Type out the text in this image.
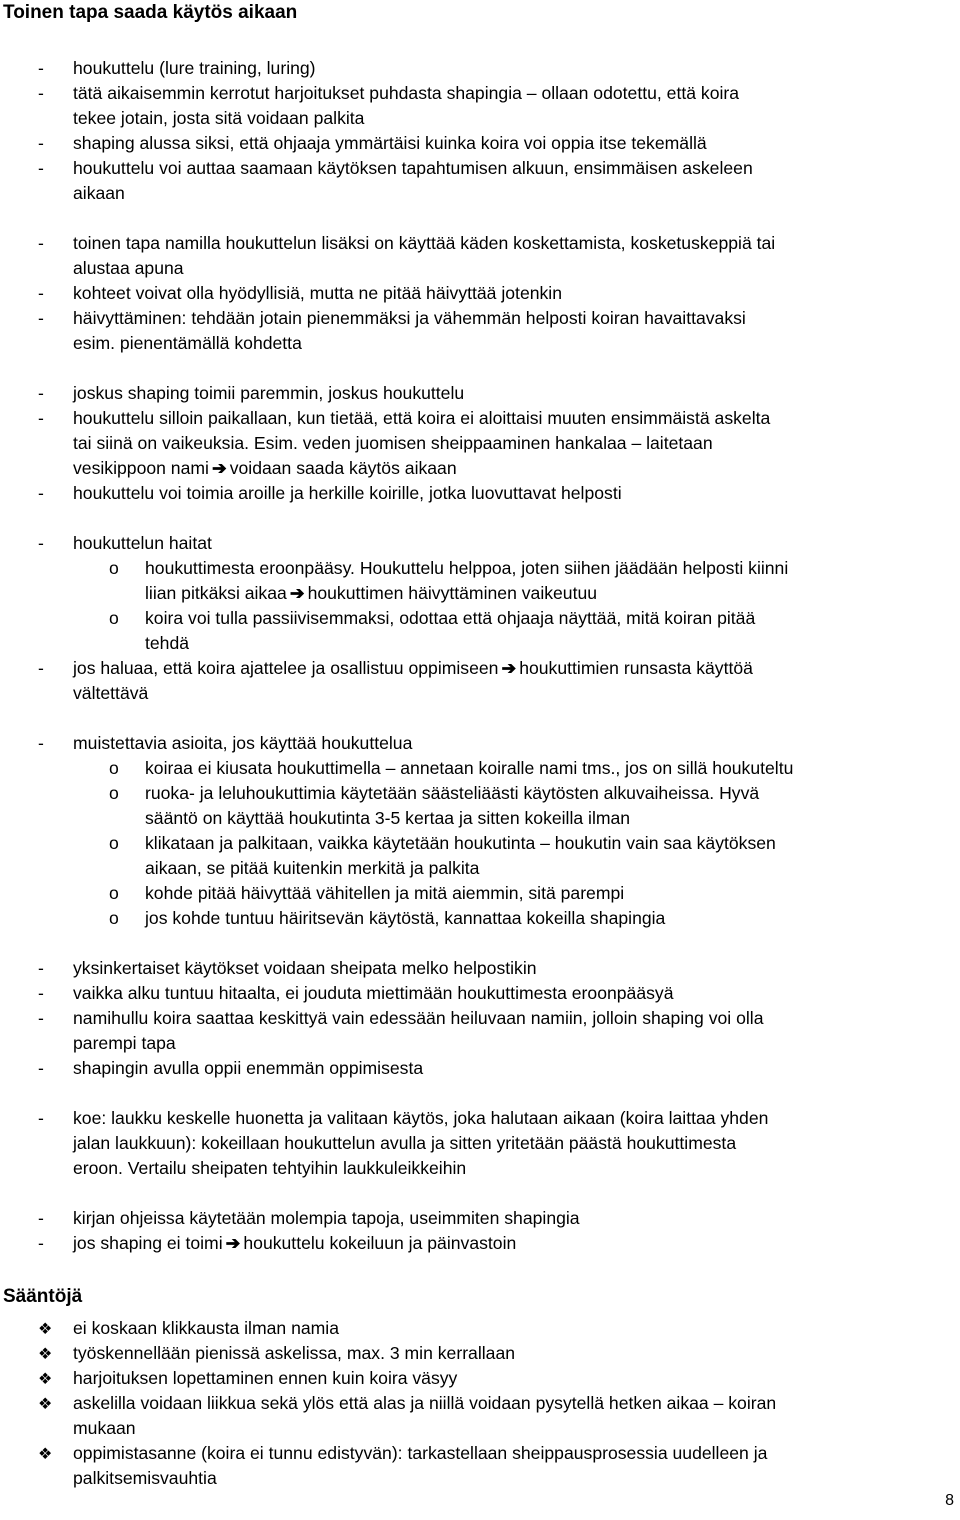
Toinen tapa saada käytös aikaan
- houkuttelu (lure training, luring)
- tätä aikaisemmin kerrotut harjoitukset puhdasta shapingia – ollaan odotettu, että koira
tekee jotain, josta sitä voidaan palkita
- shaping alussa siksi, että ohjaaja ymmärtäisi kuinka koira voi oppia itse tekemällä
- houkuttelu voi auttaa saamaan käytöksen tapahtumisen alkuun, ensimmäisen askeleen
aikaan
- toinen tapa namilla houkuttelun lisäksi on käyttää käden koskettamista, kosketuskeppiä tai
alustaa apuna
- kohteet voivat olla hyödyllisiä, mutta ne pitää häivyttää jotenkin
- häivyttäminen: tehdään jotain pienemmäksi ja vähemmän helposti koiran havaittavaksi
esim. pienentämällä kohdetta
- joskus shaping toimii paremmin, joskus houkuttelu
- houkuttelu silloin paikallaan, kun tietää, että koira ei aloittaisi muuten ensimmäistä askelta
tai siinä on vaikeuksia. Esim. veden juomisen sheippaaminen hankalaa – laitetaan
vesikippoon nami ➔ voidaan saada käytös aikaan
- houkuttelu voi toimia aroille ja herkille koirille, jotka luovuttavat helposti
- houkuttelun haitat
o houkuttimesta eroonpääsy. Houkuttelu helppoa, joten siihen jäädään helposti kiinni
liian pitkäksi aikaa ➔ houkuttimen häivyttäminen vaikeutuu
o koira voi tulla passiivisemmaksi, odottaa että ohjaaja näyttää, mitä koiran pitää
tehdä
- jos haluaa, että koira ajattelee ja osallistuu oppimiseen ➔ houkuttimien runsasta käyttöä
vältettävä
- muistettavia asioita, jos käyttää houkuttelua
o koiraa ei kiusata houkuttimella – annetaan koiralle nami tms., jos on sillä houkuteltu
o ruoka- ja leluhoukuttimia käytetään säästeliäästi käytösten alkuvaiheissa. Hyvä
sääntö on käyttää houkutinta 3-5 kertaa ja sitten kokeilla ilman
o klikataan ja palkitaan, vaikka käytetään houkutinta – houkutin vain saa käytöksen
aikaan, se pitää kuitenkin merkitä ja palkita
o kohde pitää häivyttää vähitellen ja mitä aiemmin, sitä parempi
o jos kohde tuntuu häiritsevän käytöstä, kannattaa kokeilla shapingia
- yksinkertaiset käytökset voidaan sheipata melko helpostikin
- vaikka alku tuntuu hitaalta, ei jouduta miettimään houkuttimesta eroonpääsyä
- namihullu koira saattaa keskittyä vain edessään heiluvaan namiin, jolloin shaping voi olla
parempi tapa
- shapingin avulla oppii enemmän oppimisesta
- koe: laukku keskelle huonetta ja valitaan käytös, joka halutaan aikaan (koira laittaa yhden
jalan laukkuun): kokeillaan houkuttelun avulla ja sitten yritetään päästä houkuttimesta
eroon. Vertailu sheipaten tehtyihin laukkuleikkeihin
- kirjan ohjeissa käytetään molempia tapoja, useimmiten shapingia
- jos shaping ei toimi ➔ houkuttelu kokeiluun ja päinvastoin
Sääntöjä
❖ ei koskaan klikkausta ilman namia
❖ työskennellään pienissä askelissa, max. 3 min kerrallaan
❖ harjoituksen lopettaminen ennen kuin koira väsyy
❖ askelilla voidaan liikkua sekä ylös että alas ja niillä voidaan pysytellä hetken aikaa – koiran
mukaan
❖ oppimistasanne (koira ei tunnu edistyvän): tarkastellaan sheippausprosessia uudelleen ja
palkitsemisvauhtia
8
